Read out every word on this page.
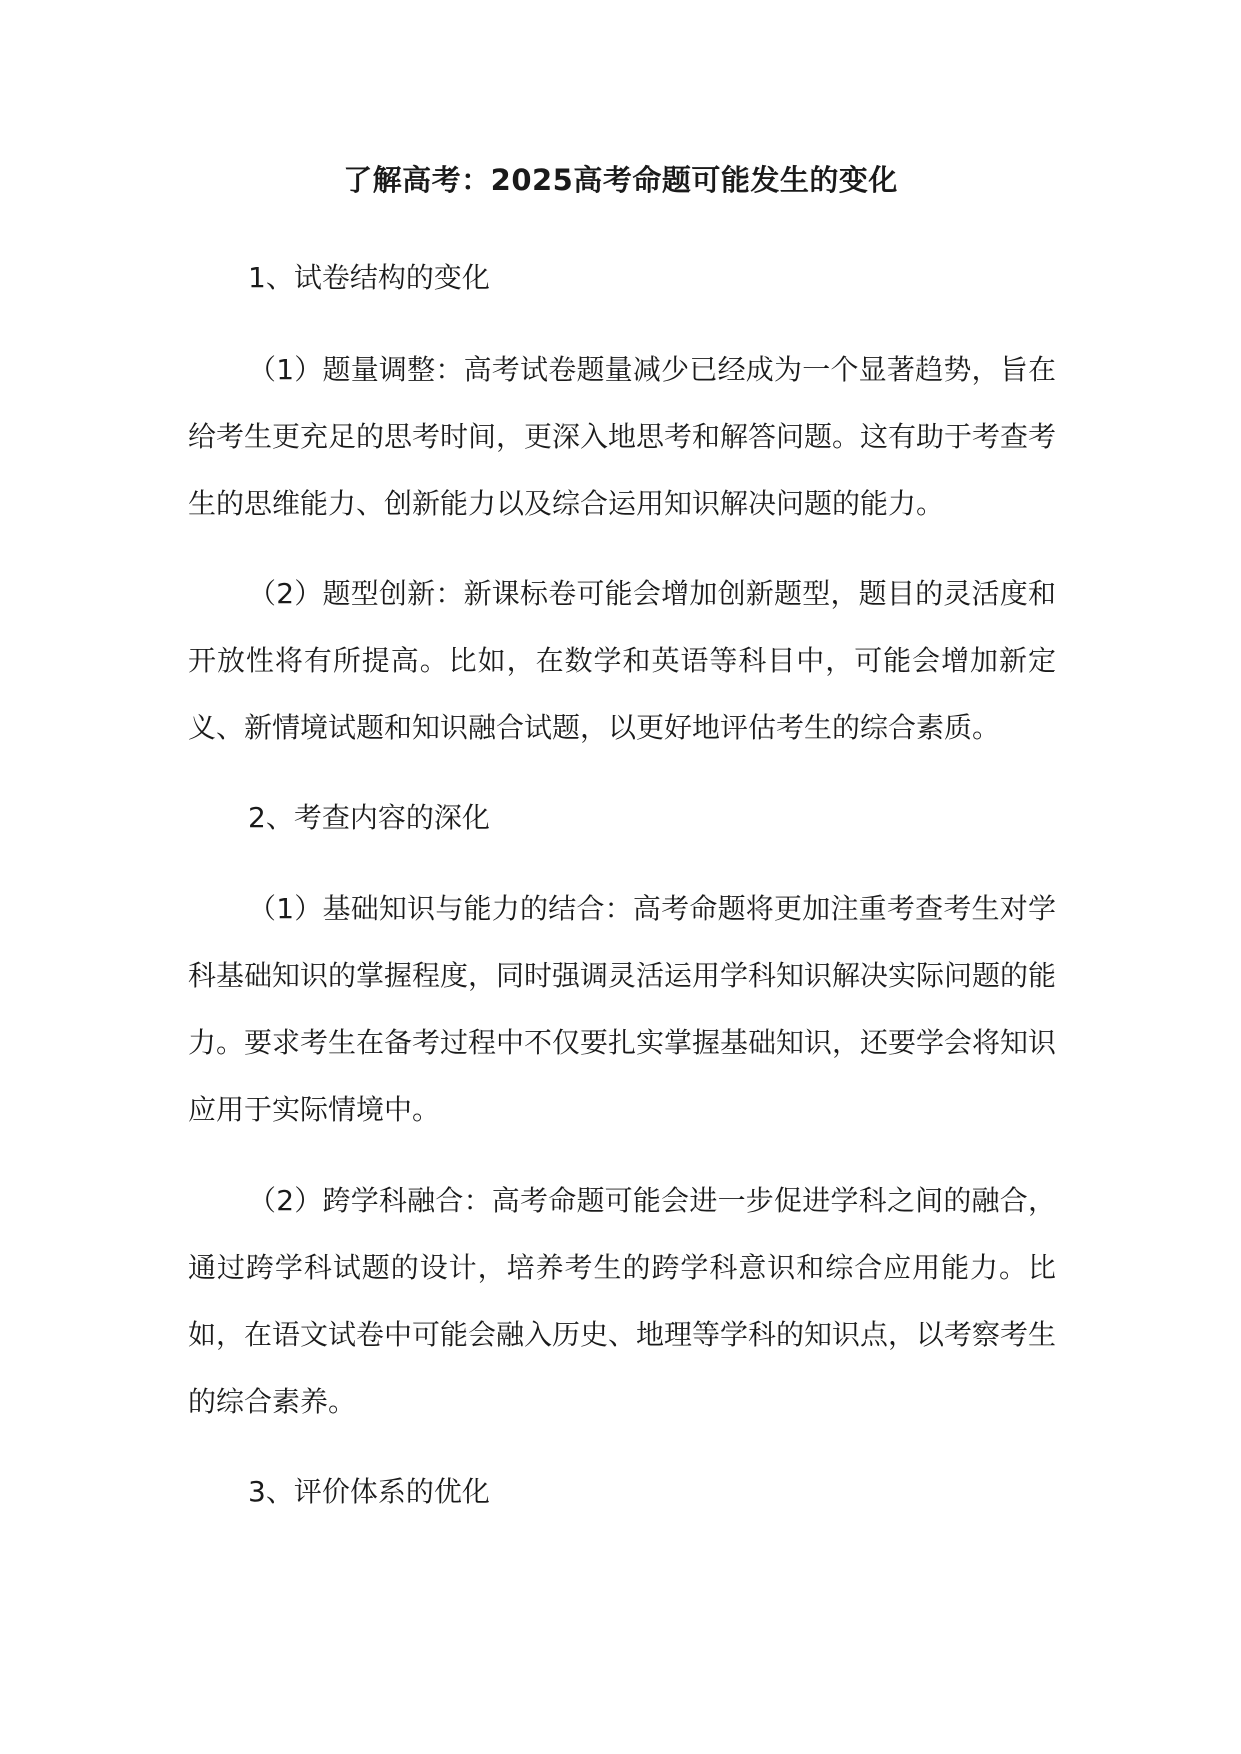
了解高考：2025高考命题可能发生的变化
1、试卷结构的变化

（1）题量调整：高考试卷题量减少已经成为一个显著趋势，旨在给考生更充足的思考时间，更深入地思考和解答问题。这有助于考查考生的思维能力、创新能力以及综合运用知识解决问题的能力。

（2）题型创新：新课标卷可能会增加创新题型，题目的灵活度和开放性将有所提高。比如，在数学和英语等科目中，可能会增加新定义、新情境试题和知识融合试题，以更好地评估考生的综合素质。

2、考查内容的深化

（1）基础知识与能力的结合：高考命题将更加注重考查考生对学科基础知识的掌握程度，同时强调灵活运用学科知识解决实际问题的能力。要求考生在备考过程中不仅要扎实掌握基础知识，还要学会将知识应用于实际情境中。

（2）跨学科融合：高考命题可能会进一步促进学科之间的融合，通过跨学科试题的设计，培养考生的跨学科意识和综合应用能力。比如，在语文试卷中可能会融入历史、地理等学科的知识点，以考察考生的综合素养。

3、评价体系的优化
